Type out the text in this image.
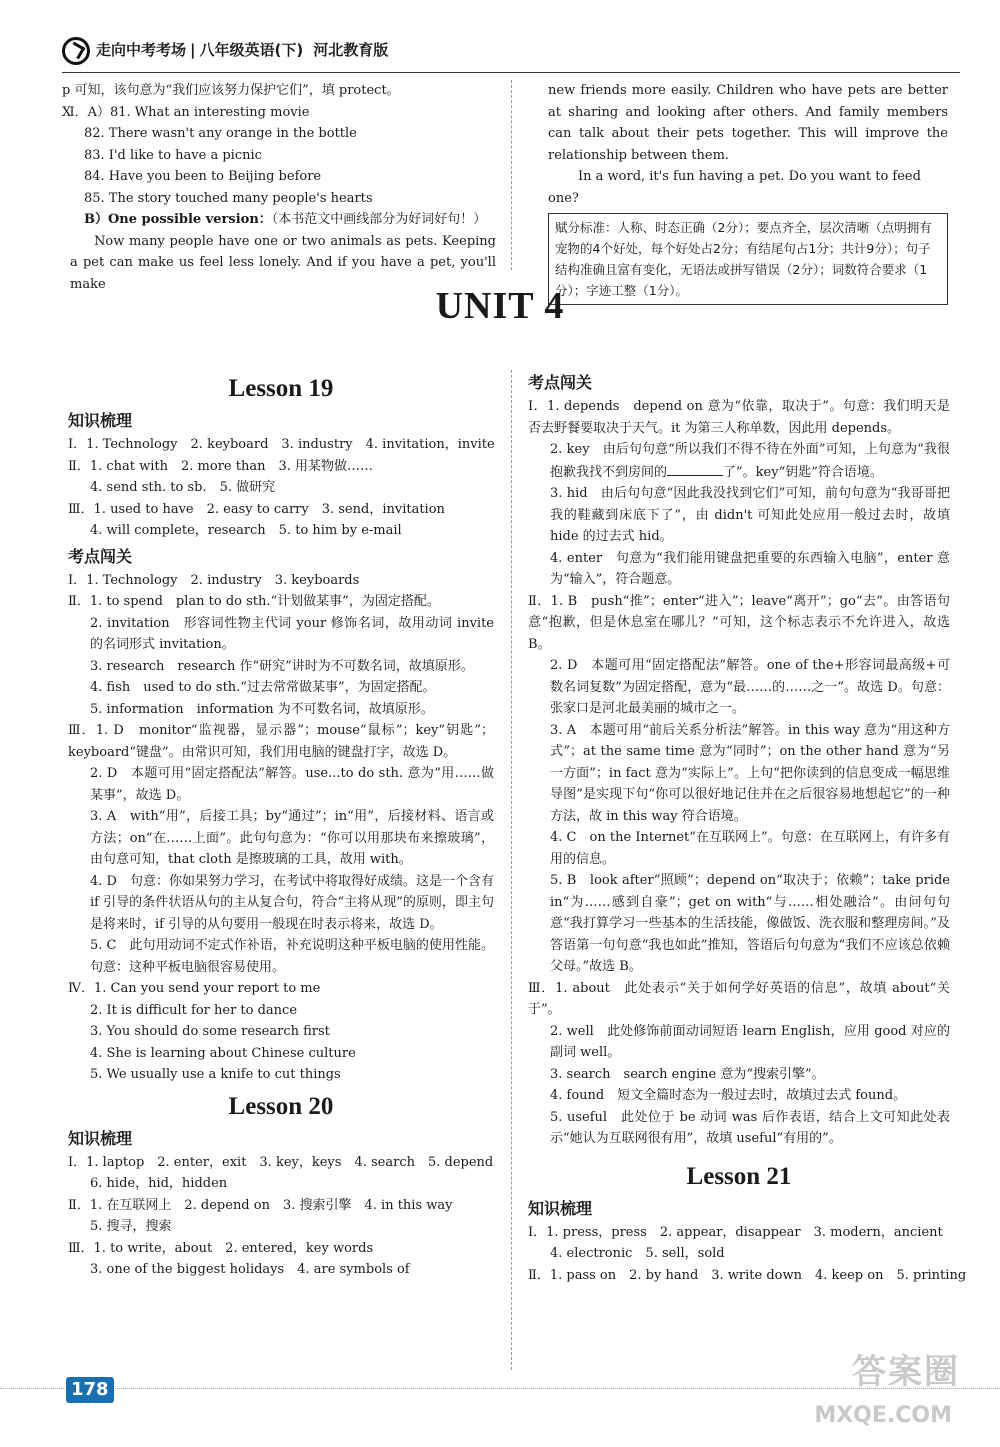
走向中考考场 | 八年级英语(下) 河北教育版
p 可知，该句意为“我们应该努力保护它们”，填 protect。
Ⅺ．A）81. What an interesting movie
82. There wasn't any orange in the bottle
83. I'd like to have a picnic
84. Have you been to Beijing before
85. The story touched many people's hearts
B）One possible version：（本书范文中画线部分为好词好句！）
Now many people have one or two animals as pets. Keeping a pet can make us feel less lonely. And if you have a pet, you'll make
new friends more easily. Children who have pets are better at sharing and looking after others. And family members can talk about their pets together. This will improve the relationship between them.
In a word, it's fun having a pet. Do you want to feed one?
赋分标准：人称、时态正确（2分）；要点齐全，层次清晰（点明拥有宠物的4个好处，每个好处占2分；有结尾句占1分；共计9分）；句子结构准确且富有变化，无语法或拼写错误（2分）；词数符合要求（1分）；字迹工整（1分）。
UNIT 4
Lesson 19
知识梳理
Ⅰ．1. Technology　2. keyboard　3. industry　4. invitation，invite
Ⅱ．1. chat with　2. more than　3. 用某物做……
4. send sth. to sb.　5. 做研究
Ⅲ．1. used to have　2. easy to carry　3. send，invitation
4. will complete，research　5. to him by e-mail
考点闯关
Ⅰ．1. Technology　2. industry　3. keyboards
Ⅱ．1. to spend　plan to do sth.“计划做某事”，为固定搭配。
2. invitation　形容词性物主代词 your 修饰名词，故用动词 invite 的名词形式 invitation。
3. research　research 作“研究”讲时为不可数名词，故填原形。
4. fish　used to do sth.“过去常常做某事”，为固定搭配。
5. information　information 为不可数名词，故填原形。
Ⅲ．1. D　monitor“监视器，显示器”；mouse“鼠标”；key“钥匙”；keyboard“键盘”。由常识可知，我们用电脑的键盘打字，故选 D。
2. D　本题可用“固定搭配法”解答。use...to do sth. 意为“用……做某事”，故选 D。
3. A　with“用”，后接工具；by“通过”；in“用”，后接材料、语言或方法；on“在……上面”。此句句意为：“你可以用那块布来擦玻璃”，由句意可知，that cloth 是擦玻璃的工具，故用 with。
4. D　句意：你如果努力学习，在考试中将取得好成绩。这是一个含有 if 引导的条件状语从句的主从复合句，符合“主将从现”的原则，即主句是将来时，if 引导的从句要用一般现在时表示将来，故选 D。
5. C　此句用动词不定式作补语，补充说明这种平板电脑的使用性能。句意：这种平板电脑很容易使用。
Ⅳ．1. Can you send your report to me
2. It is difficult for her to dance
3. You should do some research first
4. She is learning about Chinese culture
5. We usually use a knife to cut things
Lesson 20
知识梳理
Ⅰ．1. laptop　2. enter，exit　3. key，keys　4. search　5. depend
6. hide，hid，hidden
Ⅱ．1. 在互联网上　2. depend on　3. 搜索引擎　4. in this way
5. 搜寻，搜索
Ⅲ．1. to write，about　2. entered，key words
3. one of the biggest holidays　4. are symbols of
考点闯关
Ⅰ．1. depends　depend on 意为“依靠，取决于”。句意：我们明天是否去野餐要取决于天气。it 为第三人称单数，因此用 depends。
2. key　由后句句意“所以我们不得不待在外面”可知，上句意为“我很抱歉我找不到房间的	了”。key“钥匙”符合语境。
3. hid　由后句句意“因此我没找到它们”可知，前句句意为“我哥哥把我的鞋藏到床底下了”，由 didn't 可知此处应用一般过去时，故填 hide 的过去式 hid。
4. enter　句意为“我们能用键盘把重要的东西输入电脑”，enter 意为“输入”，符合题意。
Ⅱ．1. B　push“推”；enter“进入”；leave“离开”；go“去”。由答语句意“抱歉，但是休息室在哪儿？”可知，这个标志表示不允许进入，故选 B。
2. D　本题可用“固定搭配法”解答。one of the+形容词最高级+可数名词复数”为固定搭配，意为“最……的……之一”。故选 D。句意：张家口是河北最美丽的城市之一。
3. A　本题可用“前后关系分析法”解答。in this way 意为“用这种方式”；at the same time 意为“同时”；on the other hand 意为“另一方面”；in fact 意为“实际上”。上句“把你读到的信息变成一幅思维导图”是实现下句“你可以很好地记住并在之后很容易地想起它”的一种方法，故 in this way 符合语境。
4. C　on the Internet“在互联网上”。句意：在互联网上，有许多有用的信息。
5. B　look after“照顾”；depend on“取决于；依赖”；take pride in“为……感到自豪”；get on with“与……相处融洽”。由问句句意“我打算学习一些基本的生活技能，像做饭、洗衣服和整理房间。”及答语第一句句意“我也如此”推知，答语后句句意为“我们不应该总依赖父母。”故选 B。
Ⅲ．1. about　此处表示“关于如何学好英语的信息”，故填 about“关于”。
2. well　此处修饰前面动词短语 learn English，应用 good 对应的副词 well。
3. search　search engine 意为“搜索引擎”。
4. found　短文全篇时态为一般过去时，故填过去式 found。
5. useful　此处位于 be 动词 was 后作表语，结合上文可知此处表示“她认为互联网很有用”，故填 useful“有用的”。
Lesson 21
知识梳理
Ⅰ．1. press，press　2. appear，disappear　3. modern，ancient
4. electronic　5. sell，sold
Ⅱ．1. pass on　2. by hand　3. write down　4. keep on　5. printing
178	答案圈
MXQE.COM
